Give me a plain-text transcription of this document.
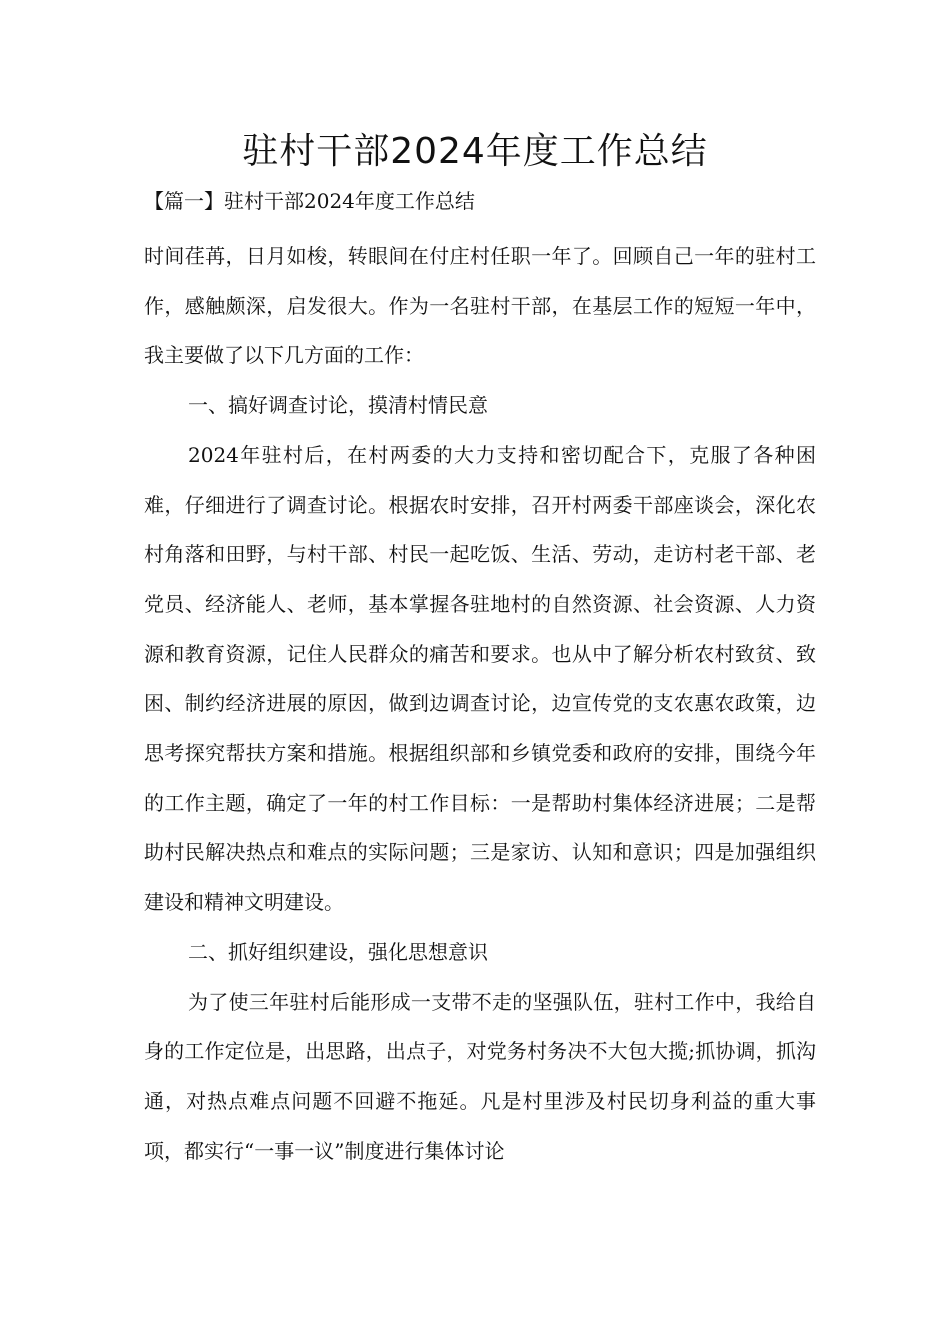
驻村干部2024年度工作总结

【篇一】驻村干部2024年度工作总结

时间荏苒，日月如梭，转眼间在付庄村任职一年了。回顾自己一年的驻村工作，感触颇深，启发很大。作为一名驻村干部，在基层工作的短短一年中，我主要做了以下几方面的工作：

一、搞好调查讨论，摸清村情民意

2024年驻村后，在村两委的大力支持和密切配合下，克服了各种困难，仔细进行了调查讨论。根据农时安排，召开村两委干部座谈会，深化农村角落和田野，与村干部、村民一起吃饭、生活、劳动，走访村老干部、老党员、经济能人、老师，基本掌握各驻地村的自然资源、社会资源、人力资源和教育资源，记住人民群众的痛苦和要求。也从中了解分析农村致贫、致困、制约经济进展的原因，做到边调查讨论，边宣传党的支农惠农政策，边思考探究帮扶方案和措施。根据组织部和乡镇党委和政府的安排，围绕今年的工作主题，确定了一年的村工作目标：一是帮助村集体经济进展；二是帮助村民解决热点和难点的实际问题；三是家访、认知和意识；四是加强组织建设和精神文明建设。

二、抓好组织建设，强化思想意识

为了使三年驻村后能形成一支带不走的坚强队伍，驻村工作中，我给自身的工作定位是，出思路，出点子，对党务村务决不大包大揽;抓协调，抓沟通，对热点难点问题不回避不拖延。凡是村里涉及村民切身利益的重大事项，都实行“一事一议”制度进行集体讨论
